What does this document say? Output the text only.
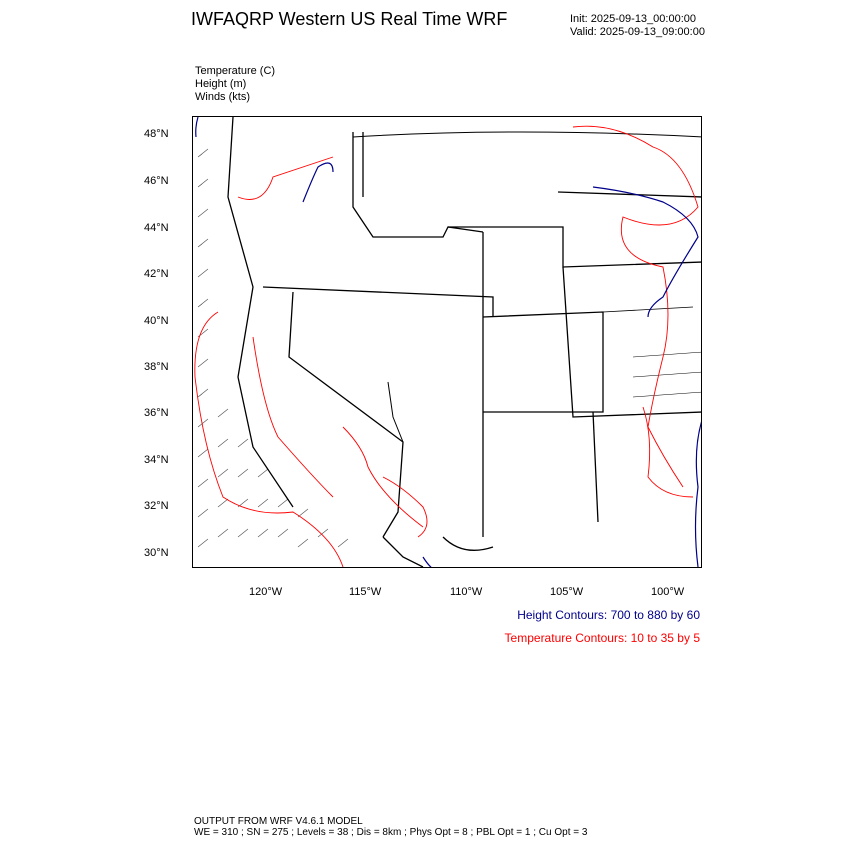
IWFAQRP Western US Real Time WRF	Init: 2025-09-13_00:00:00
Valid: 2025-09-13_09:00:00
Temperature (C)
Height (m)
Winds (kts)
48°N
46°N
44°N
42°N
40°N
38°N
36°N
34°N
32°N
30°N
120°W	115°W	110°W	105°W	100°W
Height Contours: 700 to 880 by 60
Temperature Contours: 10 to 35 by 5
OUTPUT FROM WRF V4.6.1 MODEL
WE = 310 ; SN = 275 ; Levels = 38 ; Dis = 8km ; Phys Opt = 8 ; PBL Opt = 1 ; Cu Opt = 3
